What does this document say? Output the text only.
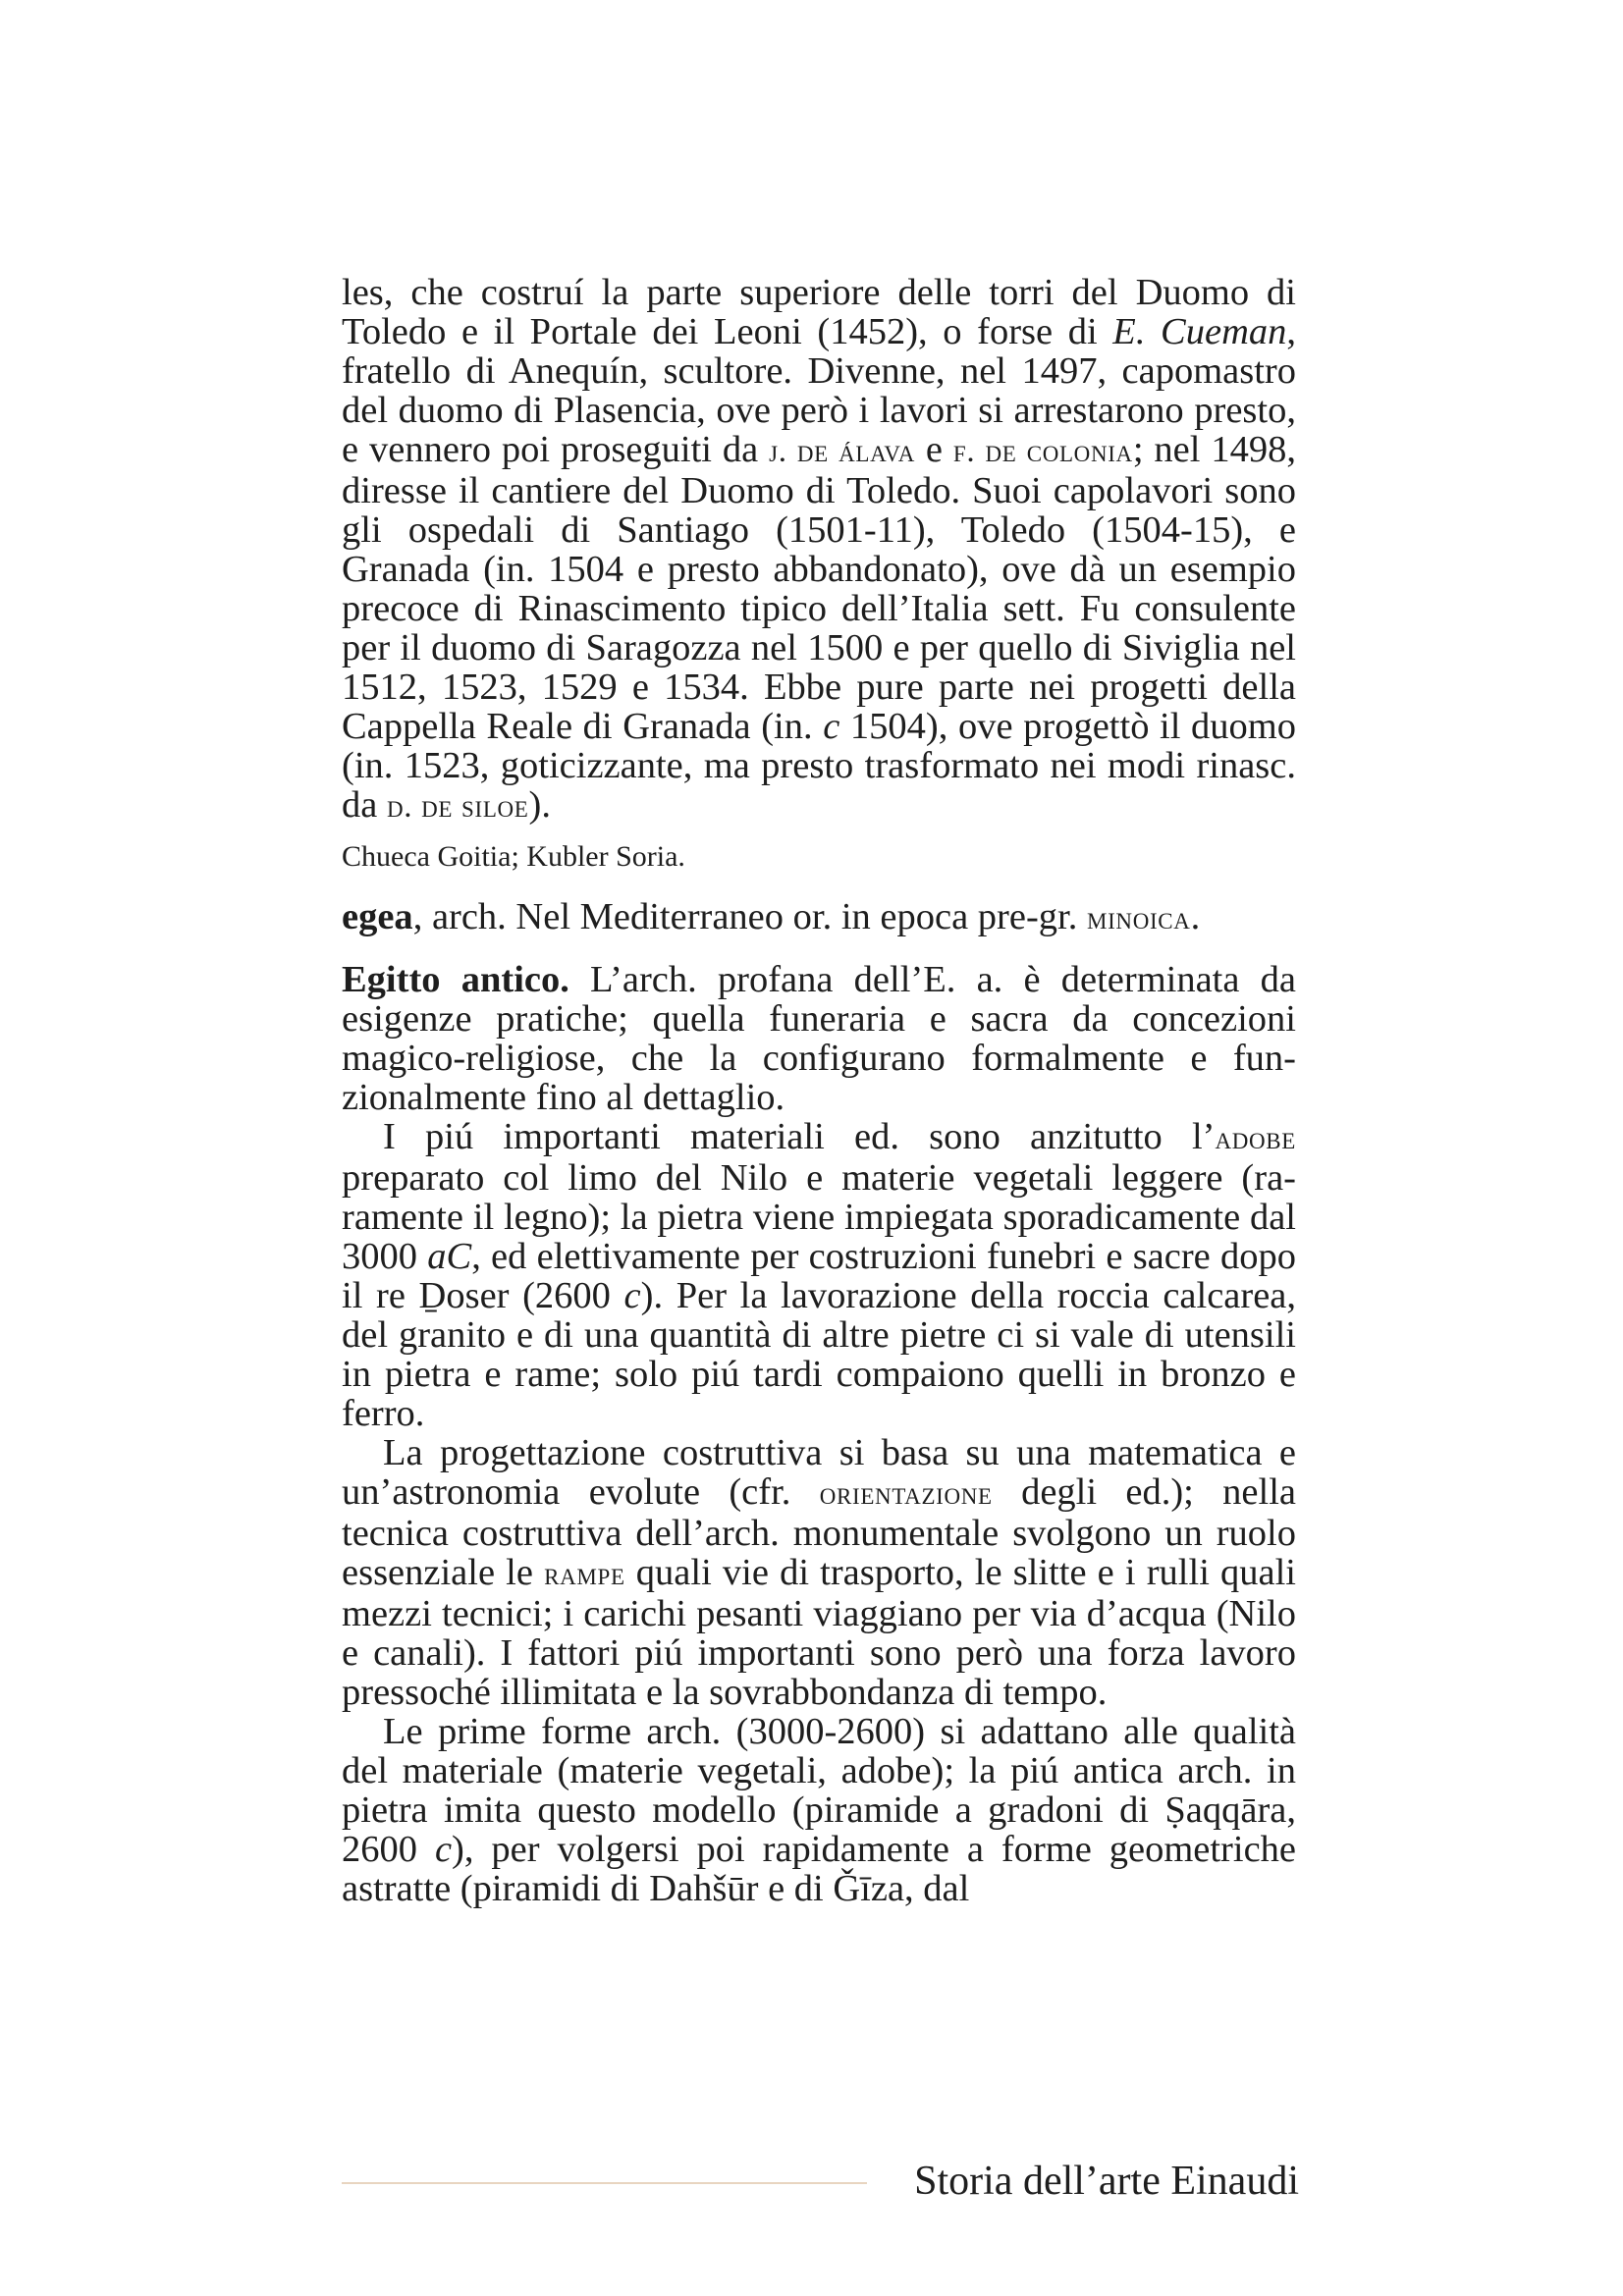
les, che costruí la parte superiore delle torri del Duomo di Toledo e il Portale dei Leoni (1452), o forse di E. Cueman, fratello di Anequín, scultore. Divenne, nel 1497, capomastro del duomo di Plasencia, ove però i lavori si arrestarono presto, e vennero poi proseguiti da j. de álava e f. de colonia; nel 1498, diresse il cantiere del Duomo di Toledo. Suoi capolavori sono gli ospedali di Santiago (1501-11), Toledo (1504-15), e Granada (in. 1504 e presto abbandonato), ove dà un esempio precoce di Rinascimento tipico dell’Italia sett. Fu consulente per il duomo di Saragozza nel 1500 e per quello di Siviglia nel 1512, 1523, 1529 e 1534. Ebbe pure parte nei progetti della Cappella Reale di Granada (in. c 1504), ove progettò il duomo (in. 1523, goticizzante, ma presto trasformato nei modi rinasc. da d. de siloe).

Chueca Goitia; Kubler Soria.

egea, arch. Nel Mediterraneo or. in epoca pre-gr. minoica.

Egitto antico. L’arch. profana dell’E. a. è determinata da esigenze pratiche; quella funeraria e sacra da concezioni magico-religiose, che la configurano formalmente e funzionalmente fino al dettaglio.

I piú importanti materiali ed. sono anzitutto l’adobe preparato col limo del Nilo e materie vegetali leggere (raramente il legno); la pietra viene impiegata sporadicamente dal 3000 aC, ed elettivamente per costruzioni funebri e sacre dopo il re Ḏoser (2600 c). Per la lavorazione della roccia calcarea, del granito e di una quantità di altre pietre ci si vale di utensili in pietra e rame; solo piú tardi compaiono quelli in bronzo e ferro.

La progettazione costruttiva si basa su una matematica e un’astronomia evolute (cfr. orientazione degli ed.); nella tecnica costruttiva dell’arch. monumentale svolgono un ruolo essenziale le rampe quali vie di trasporto, le slitte e i rulli quali mezzi tecnici; i carichi pesanti viaggiano per via d’acqua (Nilo e canali). I fattori piú importanti sono però una forza lavoro pressoché illimitata e la sovrabbondanza di tempo.

Le prime forme arch. (3000-2600) si adattano alle qualità del materiale (materie vegetali, adobe); la piú antica arch. in pietra imita questo modello (piramide a gradoni di Ṣaqqāra, 2600 c), per volgersi poi rapidamente a forme geometriche astratte (piramidi di Dahšūr e di Ǧīza, dal

Storia dell’arte Einaudi
